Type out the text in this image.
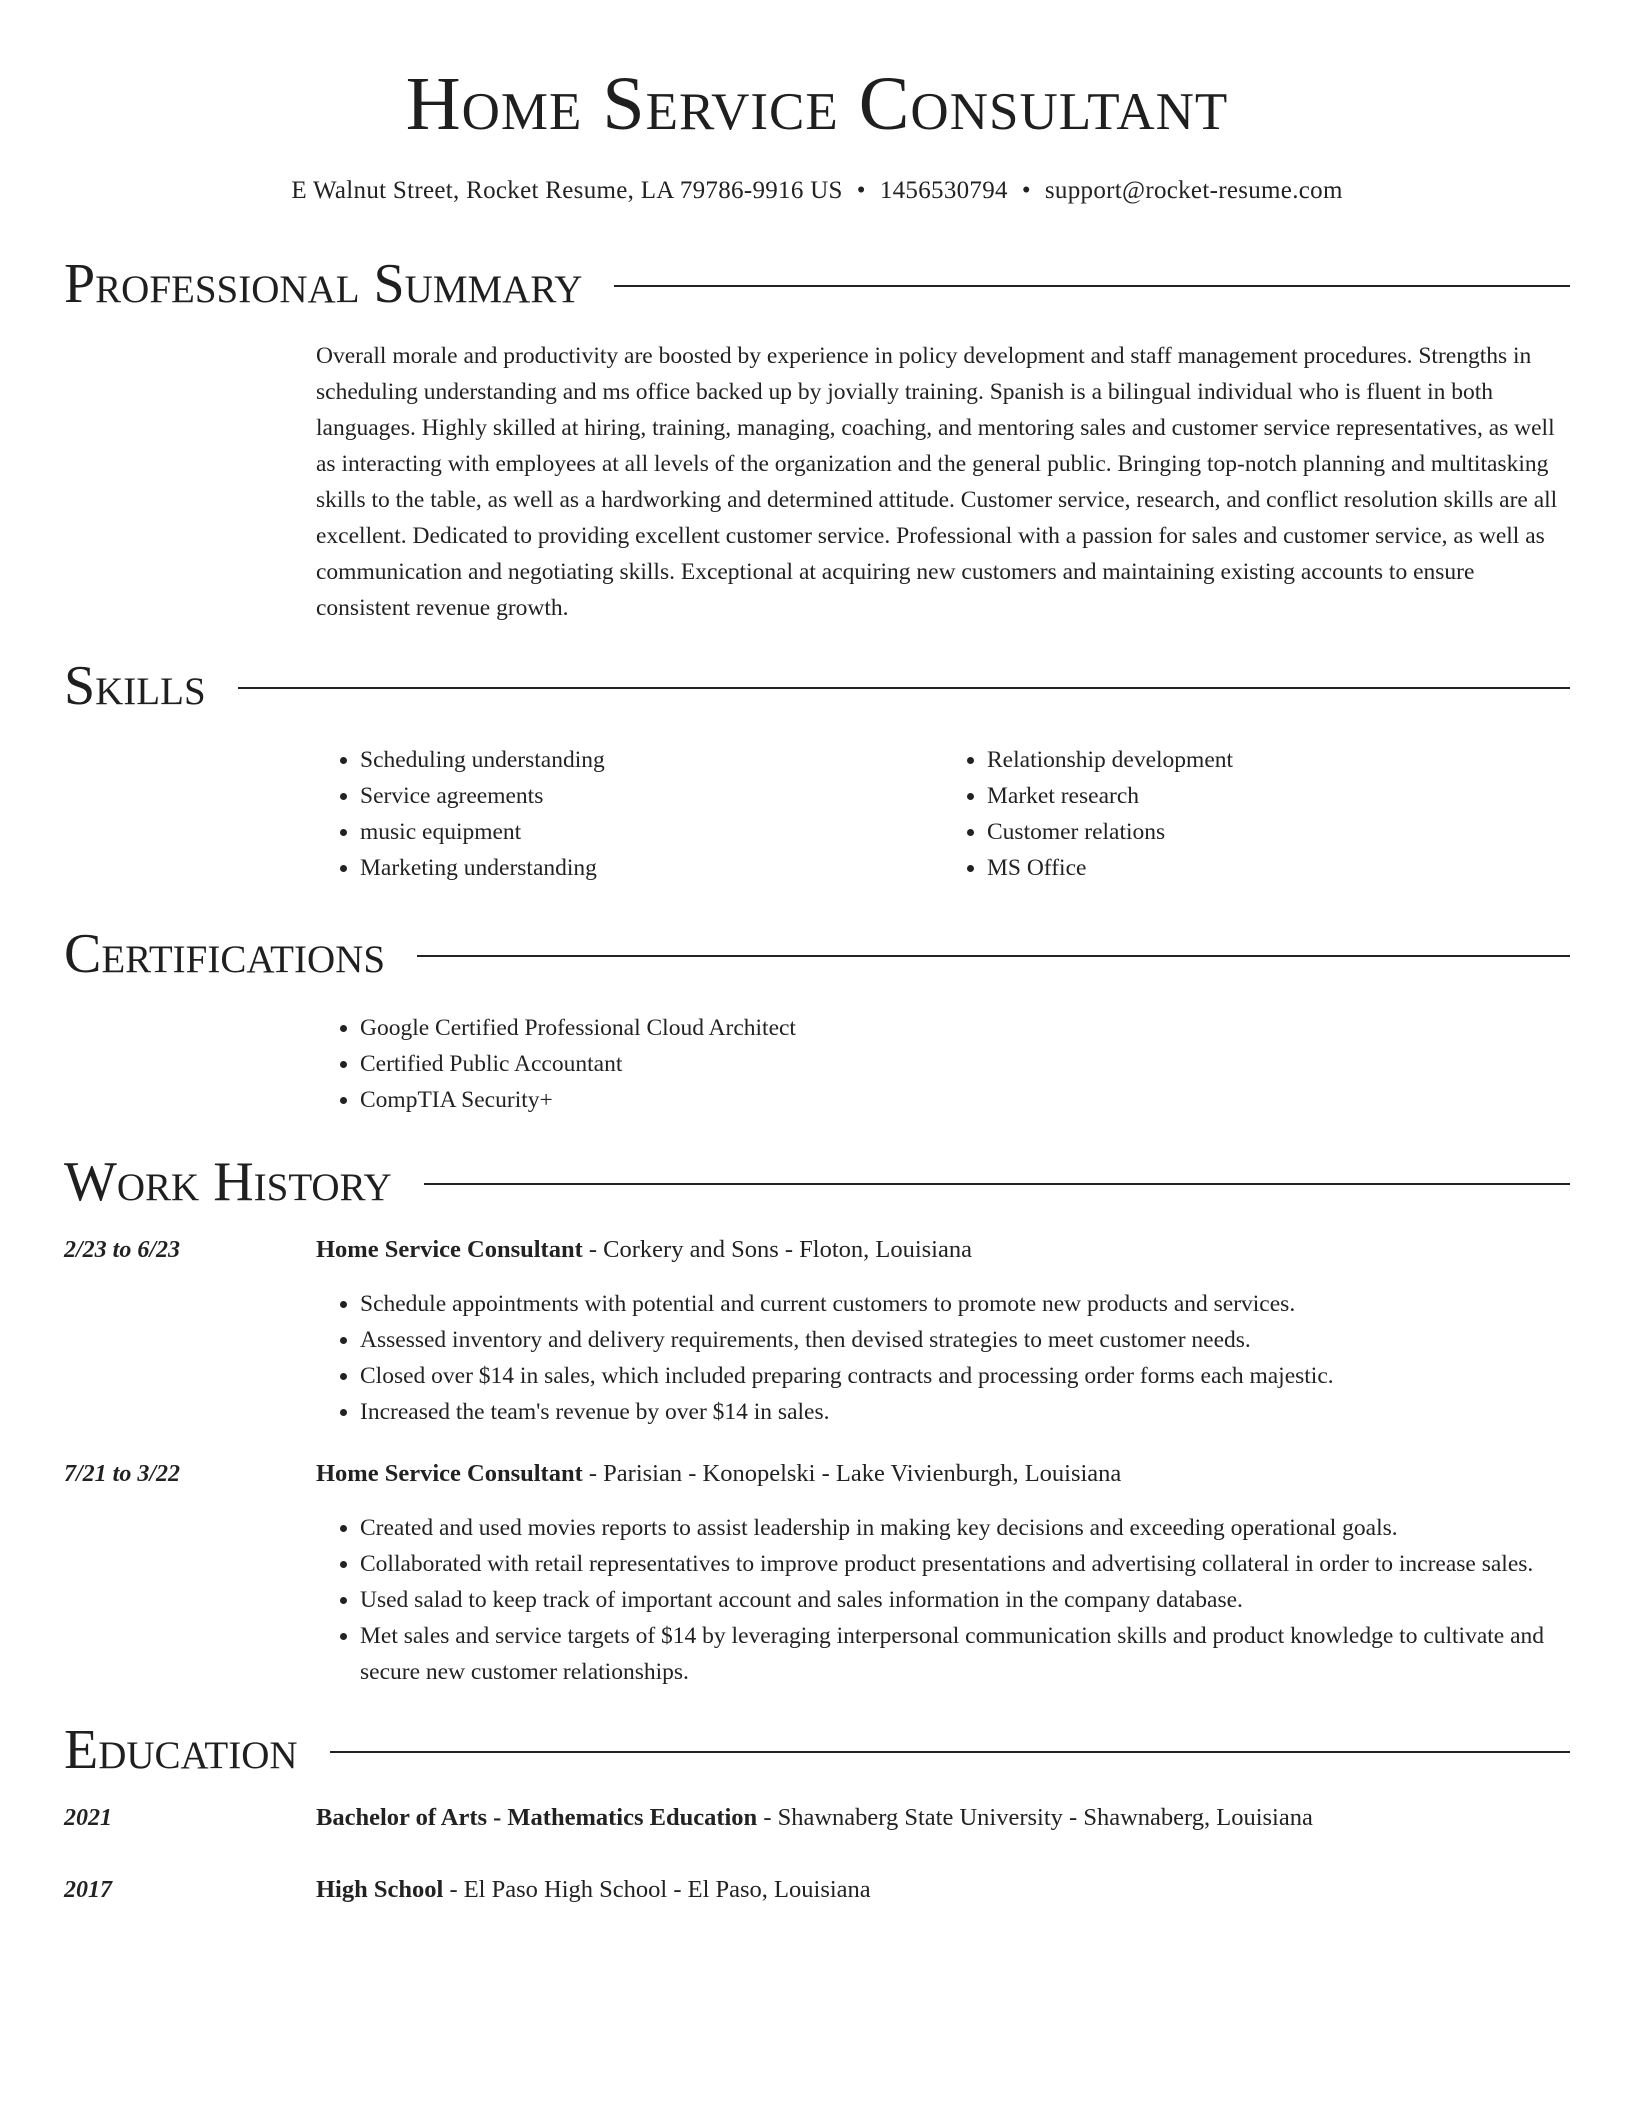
Home Service Consultant
E Walnut Street, Rocket Resume, LA 79786-9916 US • 1456530794 • support@rocket-resume.com
Professional Summary
Overall morale and productivity are boosted by experience in policy development and staff management procedures. Strengths in scheduling understanding and ms office backed up by jovially training. Spanish is a bilingual individual who is fluent in both languages. Highly skilled at hiring, training, managing, coaching, and mentoring sales and customer service representatives, as well as interacting with employees at all levels of the organization and the general public. Bringing top-notch planning and multitasking skills to the table, as well as a hardworking and determined attitude. Customer service, research, and conflict resolution skills are all excellent. Dedicated to providing excellent customer service. Professional with a passion for sales and customer service, as well as communication and negotiating skills. Exceptional at acquiring new customers and maintaining existing accounts to ensure consistent revenue growth.
Skills
• Scheduling understanding
• Service agreements
• music equipment
• Marketing understanding
• Relationship development
• Market research
• Customer relations
• MS Office
Certifications
• Google Certified Professional Cloud Architect
• Certified Public Accountant
• CompTIA Security+
Work History
2/23 to 6/23	Home Service Consultant - Corkery and Sons - Floton, Louisiana
• Schedule appointments with potential and current customers to promote new products and services.
• Assessed inventory and delivery requirements, then devised strategies to meet customer needs.
• Closed over $14 in sales, which included preparing contracts and processing order forms each majestic.
• Increased the team's revenue by over $14 in sales.
7/21 to 3/22	Home Service Consultant - Parisian - Konopelski - Lake Vivienburgh, Louisiana
• Created and used movies reports to assist leadership in making key decisions and exceeding operational goals.
• Collaborated with retail representatives to improve product presentations and advertising collateral in order to increase sales.
• Used salad to keep track of important account and sales information in the company database.
• Met sales and service targets of $14 by leveraging interpersonal communication skills and product knowledge to cultivate and secure new customer relationships.
Education
2021	Bachelor of Arts - Mathematics Education - Shawnaberg State University - Shawnaberg, Louisiana
2017	High School - El Paso High School - El Paso, Louisiana
